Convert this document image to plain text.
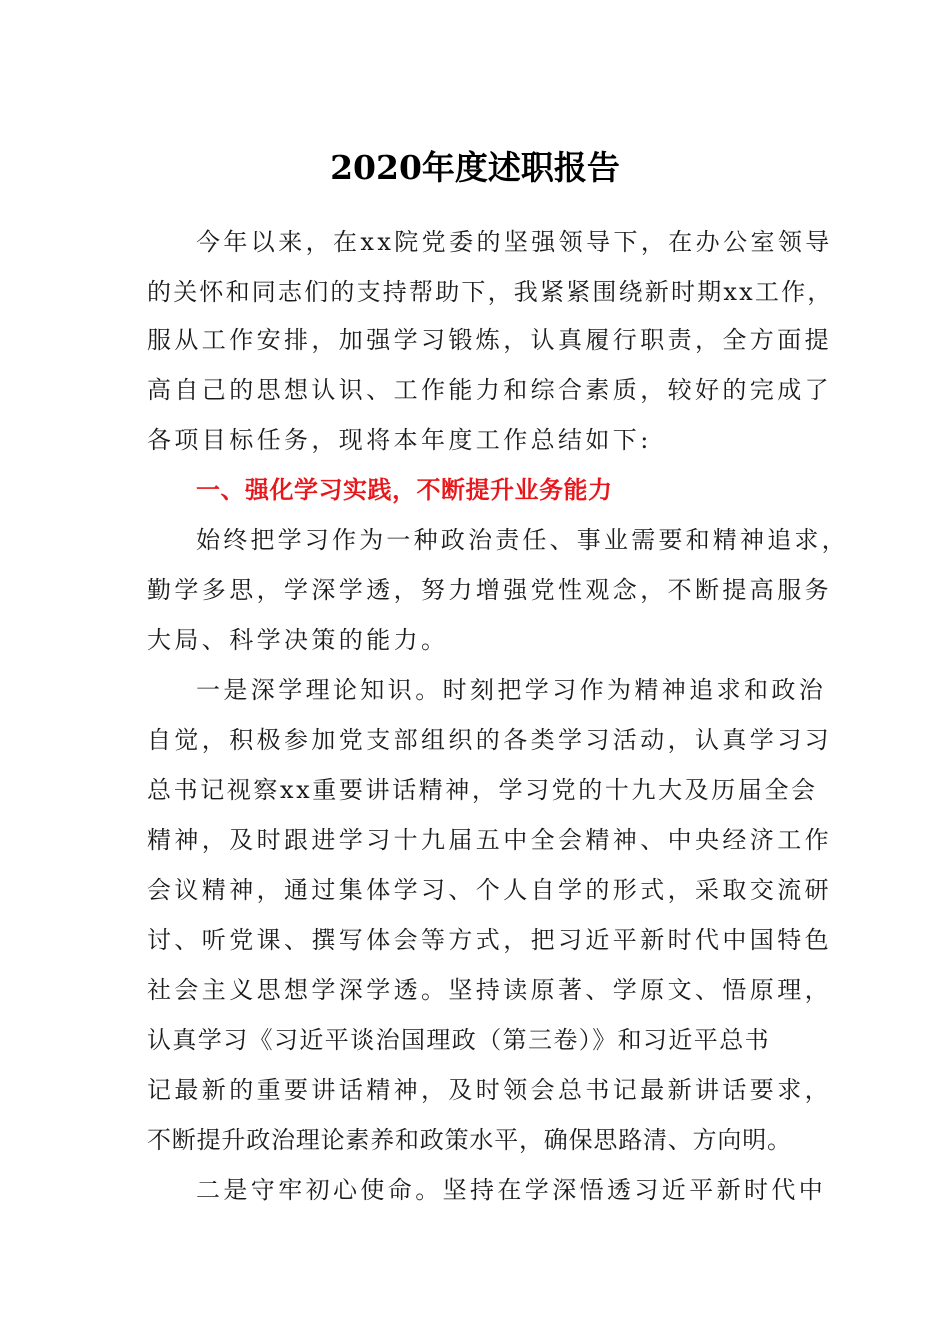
2020年度述职报告

今年以来，在xx院党委的坚强领导下，在办公室领导

的关怀和同志们的支持帮助下，我紧紧围绕新时期xx工作，

服从工作安排，加强学习锻炼，认真履行职责，全方面提

高自己的思想认识、工作能力和综合素质，较好的完成了

各项目标任务，现将本年度工作总结如下:

一、强化学习实践，不断提升业务能力

始终把学习作为一种政治责任、事业需要和精神追求，

勤学多思，学深学透，努力增强党性观念，不断提高服务

大局、科学决策的能力。

一是深学理论知识。时刻把学习作为精神追求和政治

自觉，积极参加党支部组织的各类学习活动，认真学习习

总书记视察xx重要讲话精神，学习党的十九大及历届全会

精神，及时跟进学习十九届五中全会精神、中央经济工作

会议精神，通过集体学习、个人自学的形式，采取交流研

讨、听党课、撰写体会等方式，把习近平新时代中国特色

社会主义思想学深学透。坚持读原著、学原文、悟原理，

认真学习《习近平谈治国理政（第三卷）》和习近平总书

记最新的重要讲话精神，及时领会总书记最新讲话要求，

不断提升政治理论素养和政策水平，确保思路清、方向明。

二是守牢初心使命。坚持在学深悟透习近平新时代中
